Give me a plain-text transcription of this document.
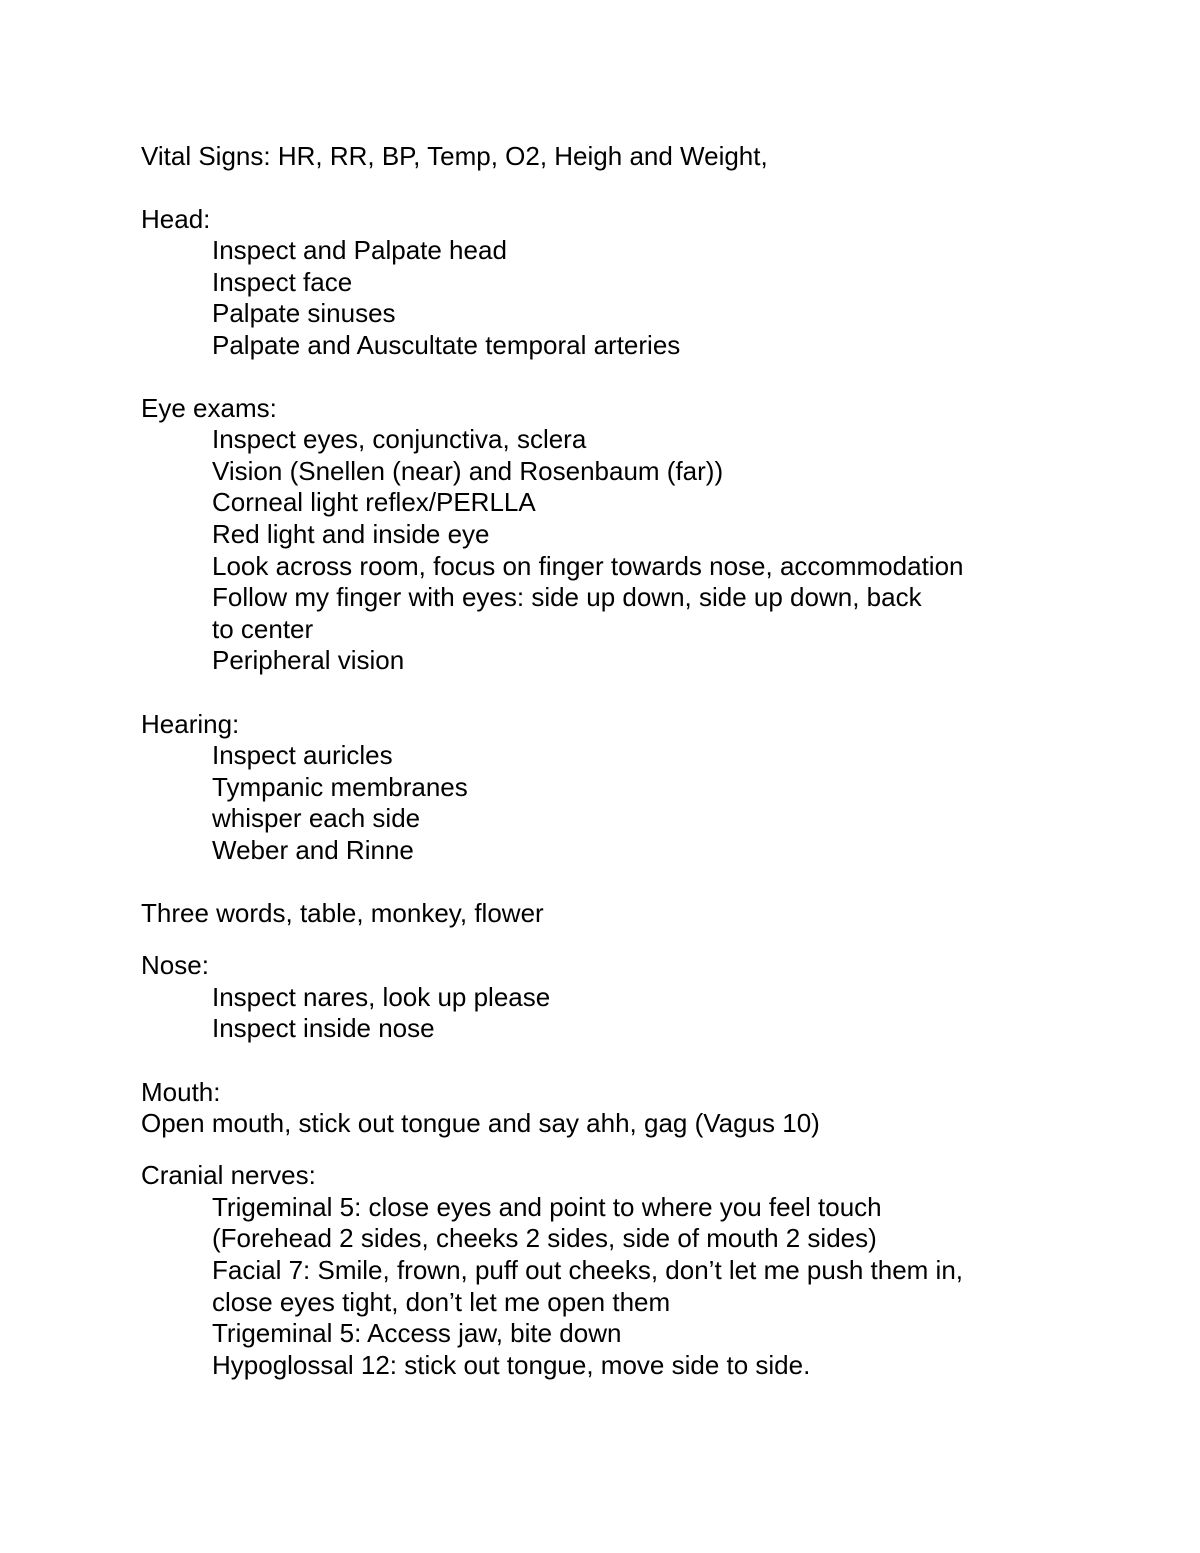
Vital Signs: HR, RR, BP, Temp, O2, Heigh and Weight,
Head:
Inspect and Palpate head
Inspect face
Palpate sinuses
Palpate and Auscultate temporal arteries
Eye exams:
Inspect eyes, conjunctiva, sclera
Vision (Snellen (near) and Rosenbaum (far))
Corneal light reflex/PERLLA
Red light and inside eye
Look across room, focus on finger towards nose, accommodation
Follow my finger with eyes: side up down, side up down, back
to center
Peripheral vision
Hearing:
Inspect auricles
Tympanic membranes
whisper each side
Weber and Rinne
Three words, table, monkey, flower
Nose:
Inspect nares, look up please
Inspect inside nose
Mouth:
Open mouth, stick out tongue and say ahh, gag (Vagus 10)
Cranial nerves:
Trigeminal 5: close eyes and point to where you feel touch
(Forehead 2 sides, cheeks 2 sides, side of mouth 2 sides)
Facial 7: Smile, frown, puff out cheeks, don’t let me push them in,
close eyes tight, don’t let me open them
Trigeminal 5: Access jaw, bite down
Hypoglossal 12: stick out tongue, move side to side.
